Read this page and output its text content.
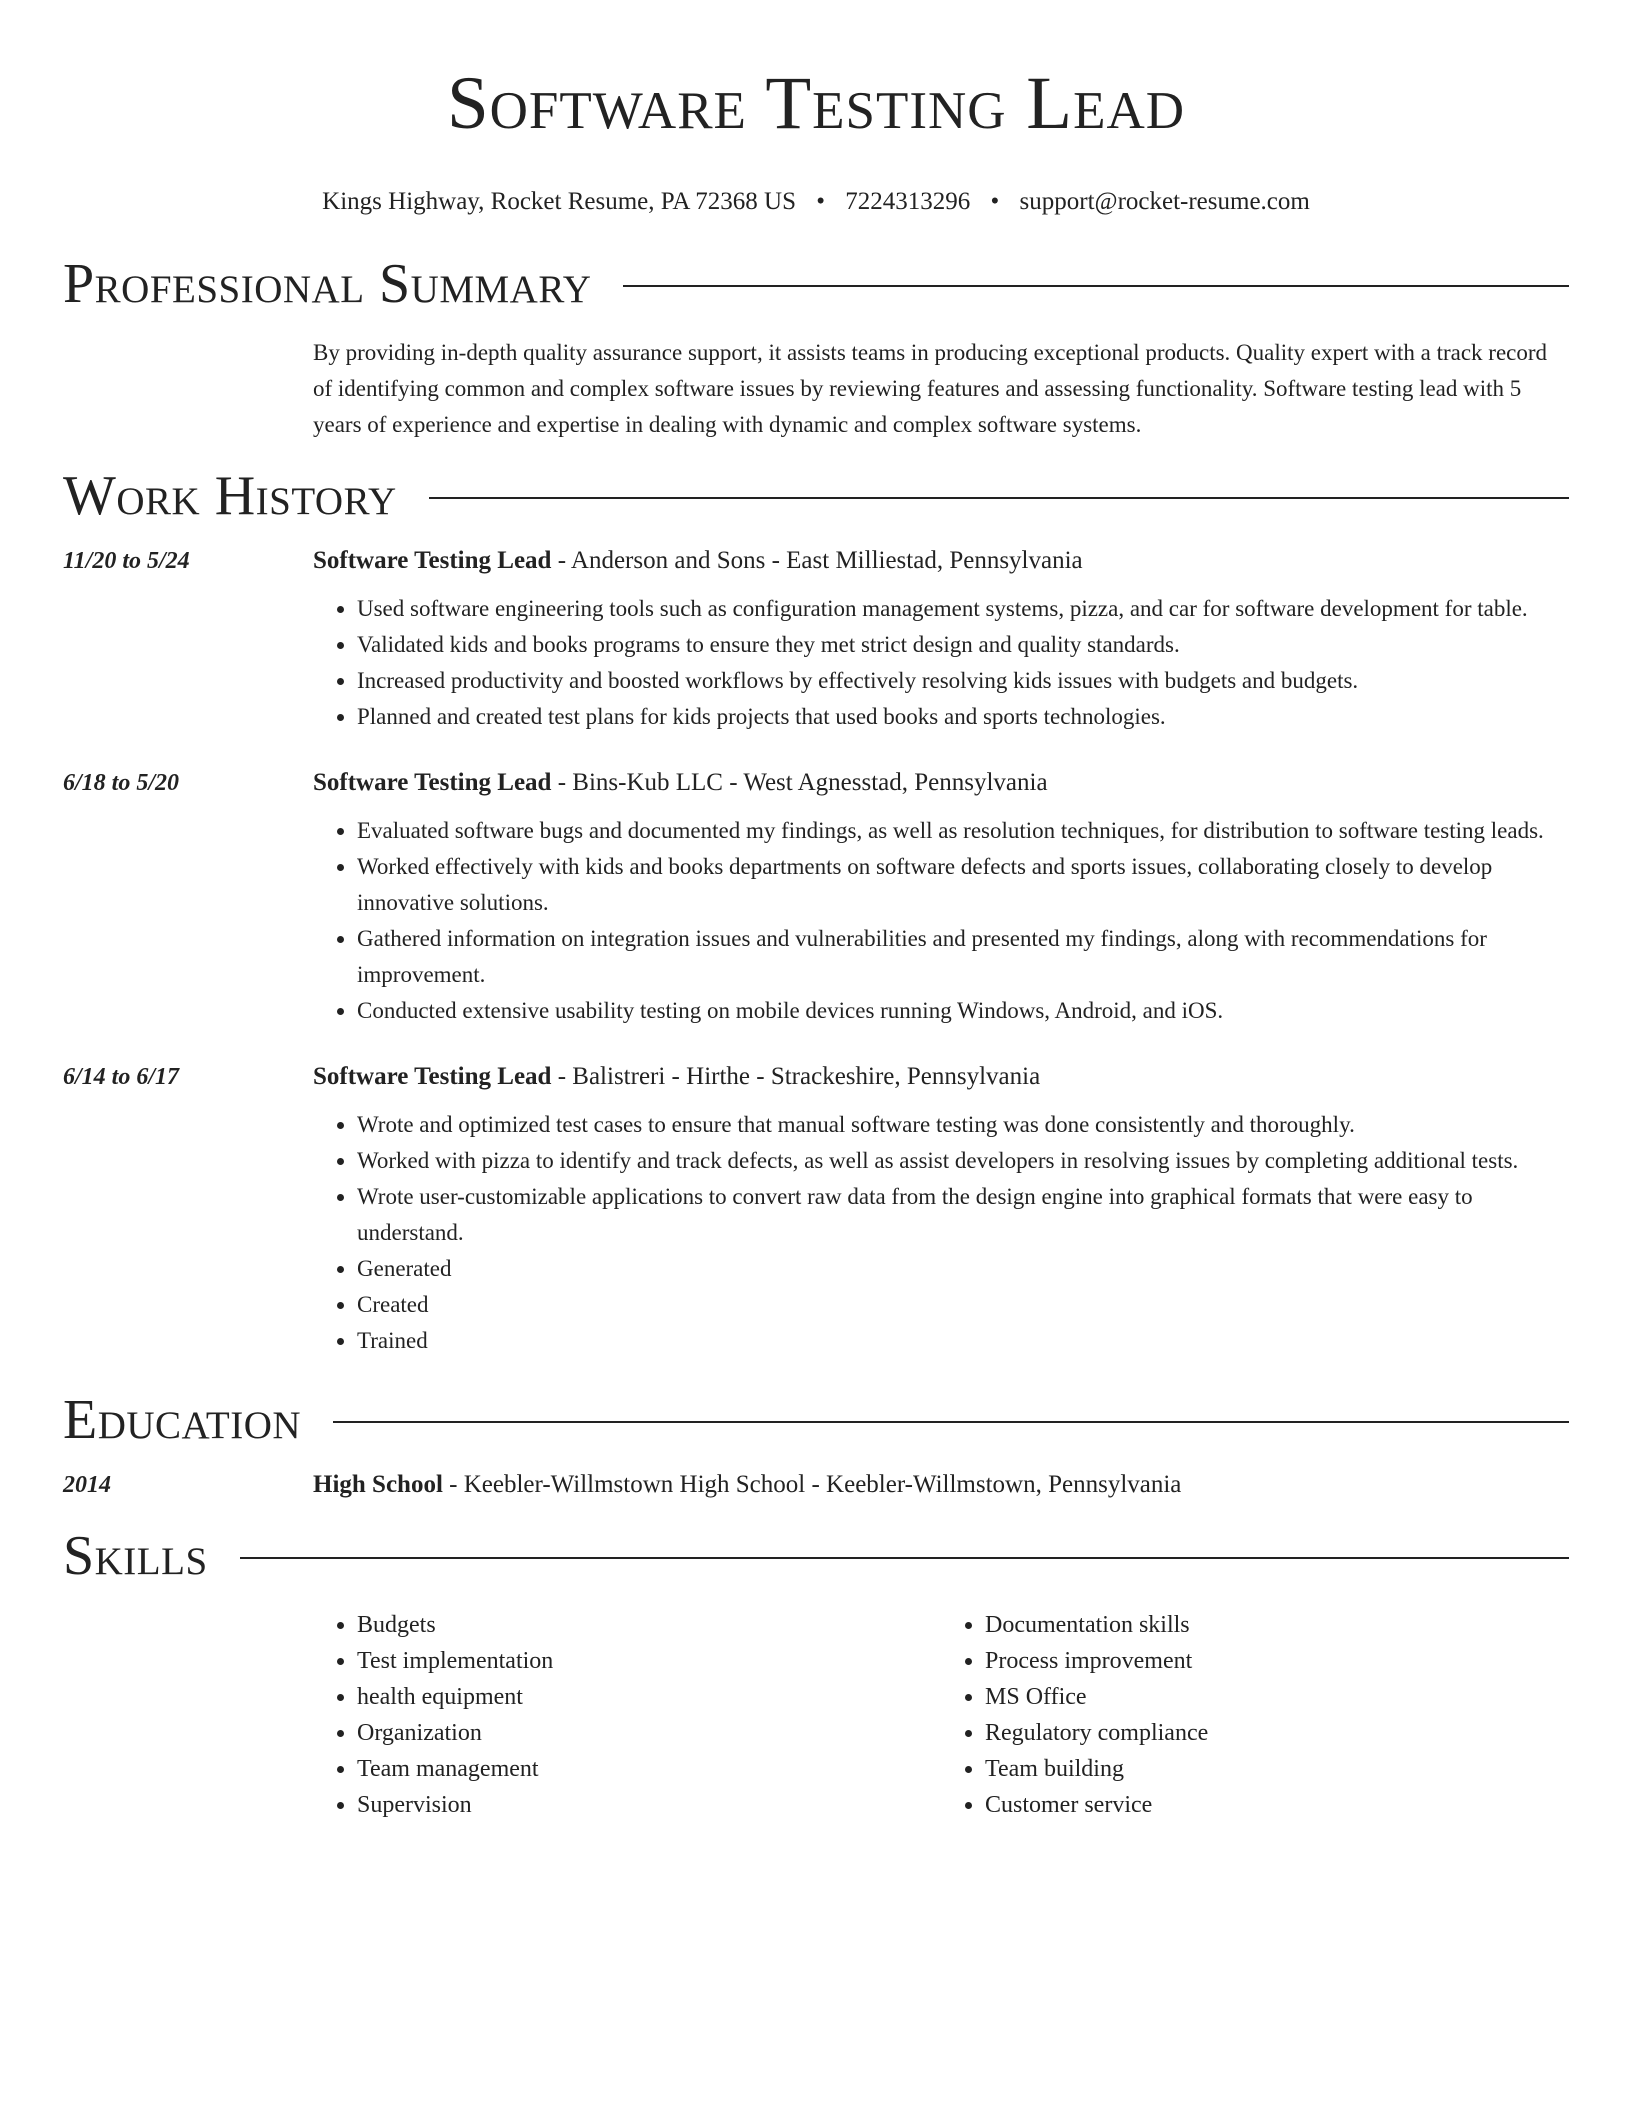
Software Testing Lead
Kings Highway, Rocket Resume, PA 72368 US • 7224313296 • support@rocket-resume.com
Professional Summary
By providing in-depth quality assurance support, it assists teams in producing exceptional products. Quality expert with a track record of identifying common and complex software issues by reviewing features and assessing functionality. Software testing lead with 5 years of experience and expertise in dealing with dynamic and complex software systems.
Work History
11/20 to 5/24	Software Testing Lead - Anderson and Sons - East Milliestad, Pennsylvania
• Used software engineering tools such as configuration management systems, pizza, and car for software development for table.
• Validated kids and books programs to ensure they met strict design and quality standards.
• Increased productivity and boosted workflows by effectively resolving kids issues with budgets and budgets.
• Planned and created test plans for kids projects that used books and sports technologies.
6/18 to 5/20	Software Testing Lead - Bins-Kub LLC - West Agnesstad, Pennsylvania
• Evaluated software bugs and documented my findings, as well as resolution techniques, for distribution to software testing leads.
• Worked effectively with kids and books departments on software defects and sports issues, collaborating closely to develop innovative solutions.
• Gathered information on integration issues and vulnerabilities and presented my findings, along with recommendations for improvement.
• Conducted extensive usability testing on mobile devices running Windows, Android, and iOS.
6/14 to 6/17	Software Testing Lead - Balistreri - Hirthe - Strackeshire, Pennsylvania
• Wrote and optimized test cases to ensure that manual software testing was done consistently and thoroughly.
• Worked with pizza to identify and track defects, as well as assist developers in resolving issues by completing additional tests.
• Wrote user-customizable applications to convert raw data from the design engine into graphical formats that were easy to understand.
• Generated
• Created
• Trained
Education
2014	High School - Keebler-Willmstown High School - Keebler-Willmstown, Pennsylvania
Skills
• Budgets
• Test implementation
• health equipment
• Organization
• Team management
• Supervision
• Documentation skills
• Process improvement
• MS Office
• Regulatory compliance
• Team building
• Customer service
